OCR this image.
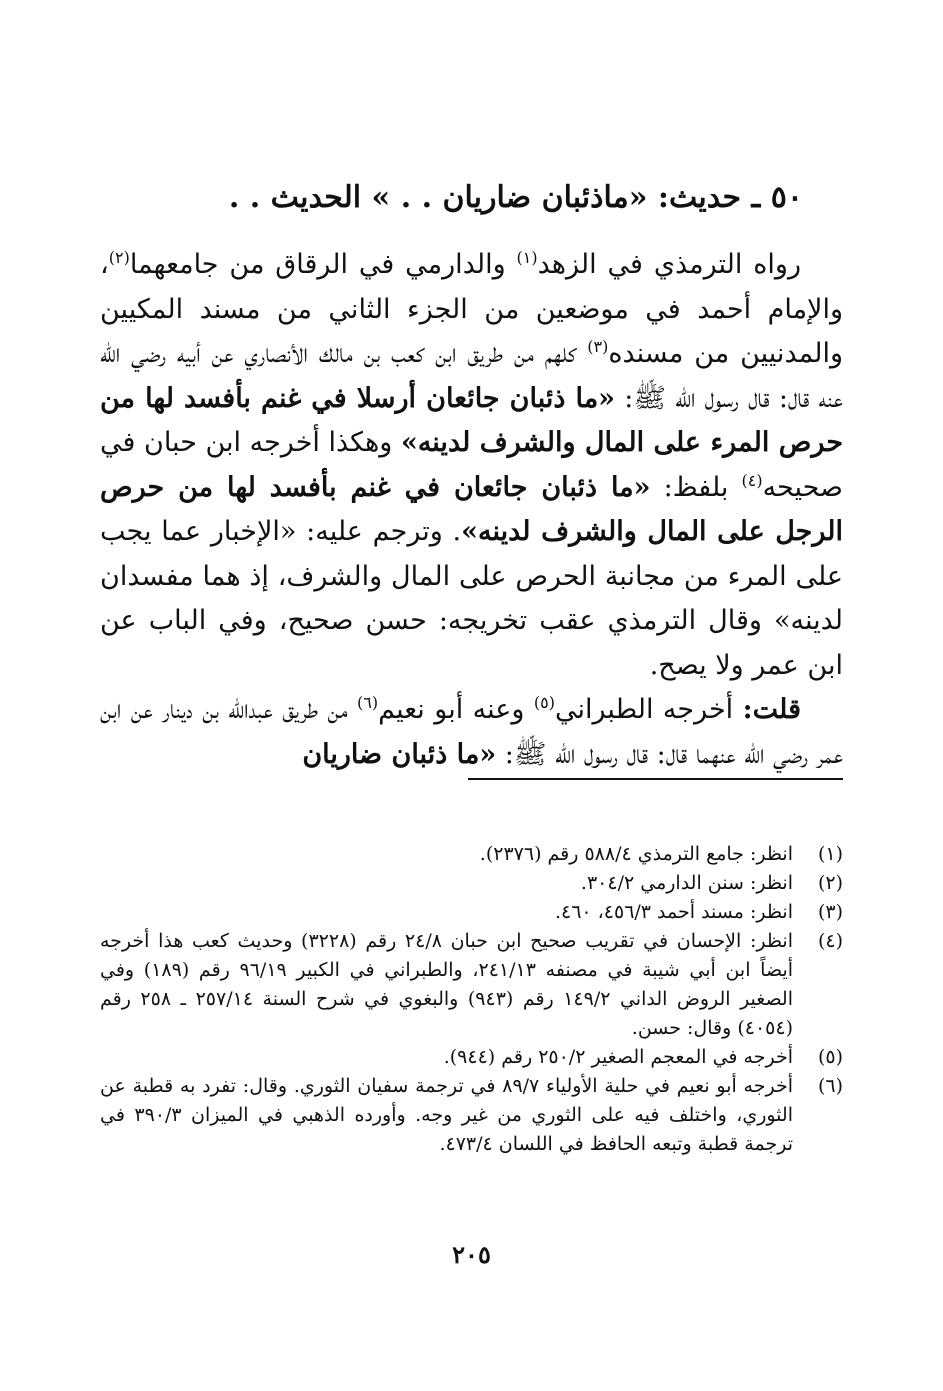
٥٠ ـ حديث: «ماذئبان ضاريان . . » الحديث . .

رواه الترمذي في الزهد$^{(١)}$ والدارمي في الرقاق من جامعهما$^{(٢)}$، والإمام أحمد في موضعين من الجزء الثاني من مسند المكيين والمدنيين من مسنده$^{(٣)}$ كلهم من طريق ابن كعب بن مالك الأنصاري عن أبيه رضي الله عنه قال: قال رسول الله ﷺ: «ما ذئبان جائعان أرسلا في غنم بأفسد لها من حرص المرء على المال والشرف لدينه» وهكذا أخرجه ابن حبان في صحيحه$^{(٤)}$ بلفظ: «ما ذئبان جائعان في غنم بأفسد لها من حرص الرجل على المال والشرف لدينه». وترجم عليه: «الإخبار عما يجب على المرء من مجانبة الحرص على المال والشرف، إذ هما مفسدان لدينه» وقال الترمذي عقب تخريجه: حسن صحيح، وفي الباب عن ابن عمر ولا يصح.

قلت: أخرجه الطبراني$^{(٥)}$ وعنه أبو نعيم$^{(٦)}$ من طريق عبدالله بن دينار عن ابن عمر رضي الله عنهما قال: قال رسول الله ﷺ: «ما ذئبان ضاريان

(١)
انظر: جامع الترمذي ٥٨٨/٤ رقم (٢٣٧٦).
(٢)
انظر: سنن الدارمي ٣٠٤/٢.
(٣)
انظر: مسند أحمد ٤٥٦/٣، ٤٦٠.
(٤)
انظر: الإحسان في تقريب صحيح ابن حبان ٢٤/٨ رقم (٣٢٢٨) وحديث كعب هذا أخرجه أيضاً ابن أبي شيبة في مصنفه ٢٤١/١٣، والطبراني في الكبير ٩٦/١٩ رقم (١٨٩) وفي الصغير الروض الداني ١٤٩/٢ رقم (٩٤٣) والبغوي في شرح السنة ٢٥٧/١٤ ـ ٢٥٨ رقم (٤٠٥٤) وقال: حسن.
(٥)
أخرجه في المعجم الصغير ٢٥٠/٢ رقم (٩٤٤).
(٦)
أخرجه أبو نعيم في حلية الأولياء ٨٩/٧ في ترجمة سفيان الثوري. وقال: تفرد به قطبة عن الثوري، واختلف فيه على الثوري من غير وجه. وأورده الذهبي في الميزان ٣٩٠/٣ في ترجمة قطبة وتبعه الحافظ في اللسان ٤٧٣/٤.
٢٠٥
